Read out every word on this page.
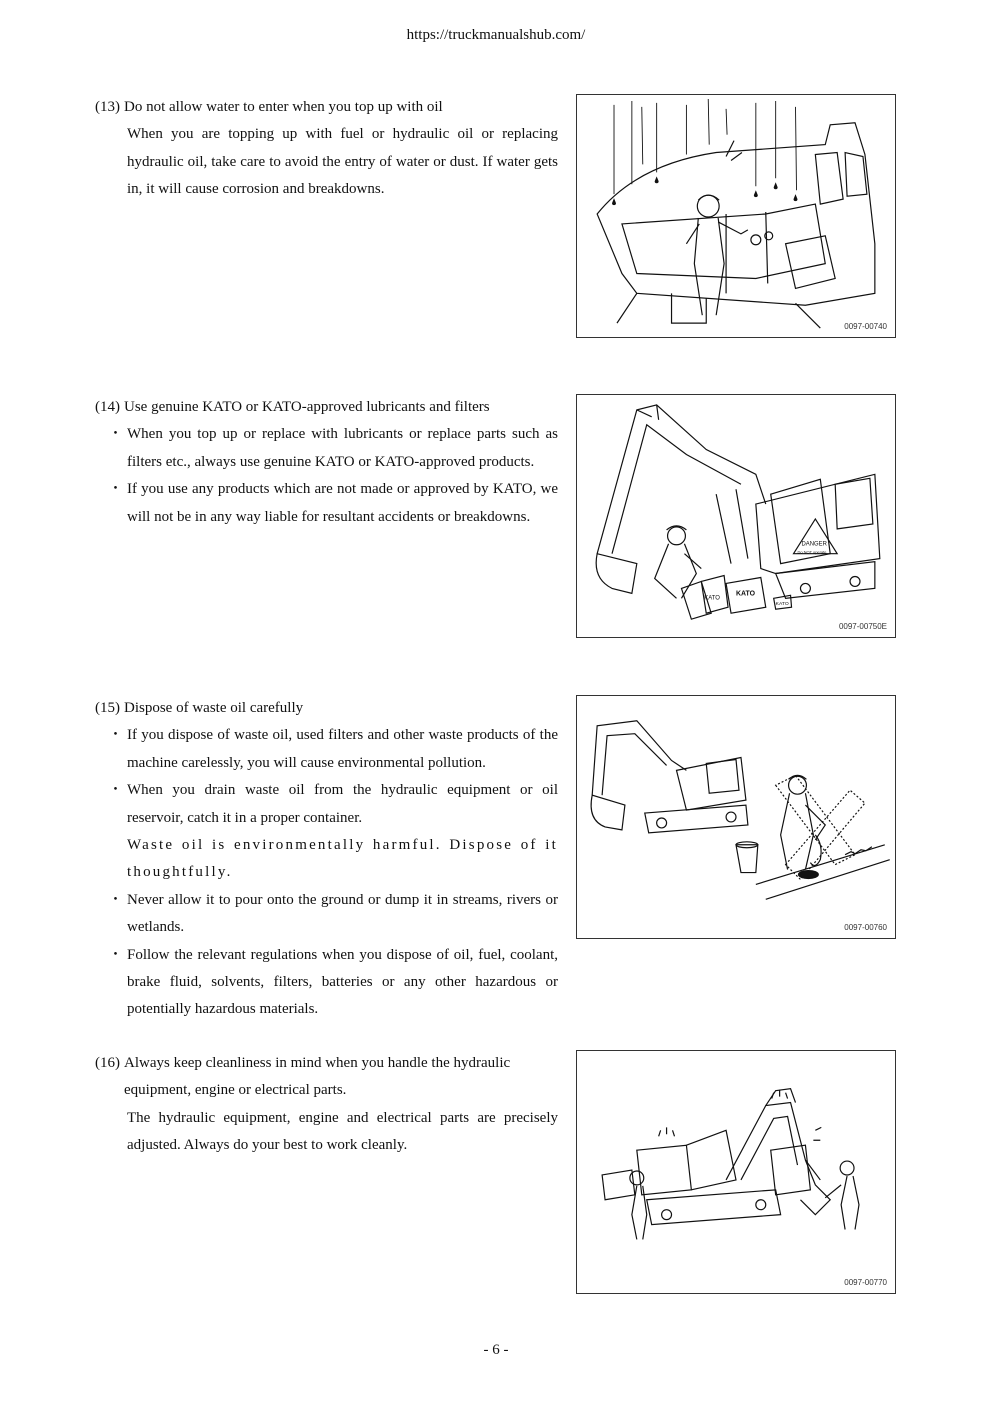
https://truckmanualshub.com/
(13) Do not allow water to enter when you top up with oil
When you are topping up with fuel or hydraulic oil or replacing hydraulic oil, take care to avoid the entry of water or dust. If water gets in, it will cause corrosion and breakdowns.
(14) Use genuine KATO or KATO-approved lubricants and filters
・ When you top up or replace with lubricants or replace parts such as filters etc., always use genuine KATO or KATO-approved products.
・ If you use any products which are not made or approved by KATO, we will not be in any way liable for resultant accidents or breakdowns.
(15) Dispose of waste oil carefully
・ If you dispose of waste oil, used filters and other waste products of the machine carelessly, you will cause environmental pollution.
・ When you drain waste oil from the hydraulic equipment or oil reservoir, catch it in a proper container.
Waste oil is environmentally harmful. Dispose of it thoughtfully.
・ Never allow it to pour onto the ground or dump it in streams, rivers or wetlands.
・ Follow the relevant regulations when you dispose of oil, fuel, coolant, brake fluid, solvents, filters, batteries or any other hazardous or potentially hazardous materials.
(16) Always keep cleanliness in mind when you handle the hydraulic equipment, engine or electrical parts.
The hydraulic equipment, engine and electrical parts are precisely adjusted. Always do your best to work cleanly.
0097-00740
DANGER
Do NOT operate
KATO
KATO
KATO
0097-00750E
0097-00760
0097-00770
- 6 -
